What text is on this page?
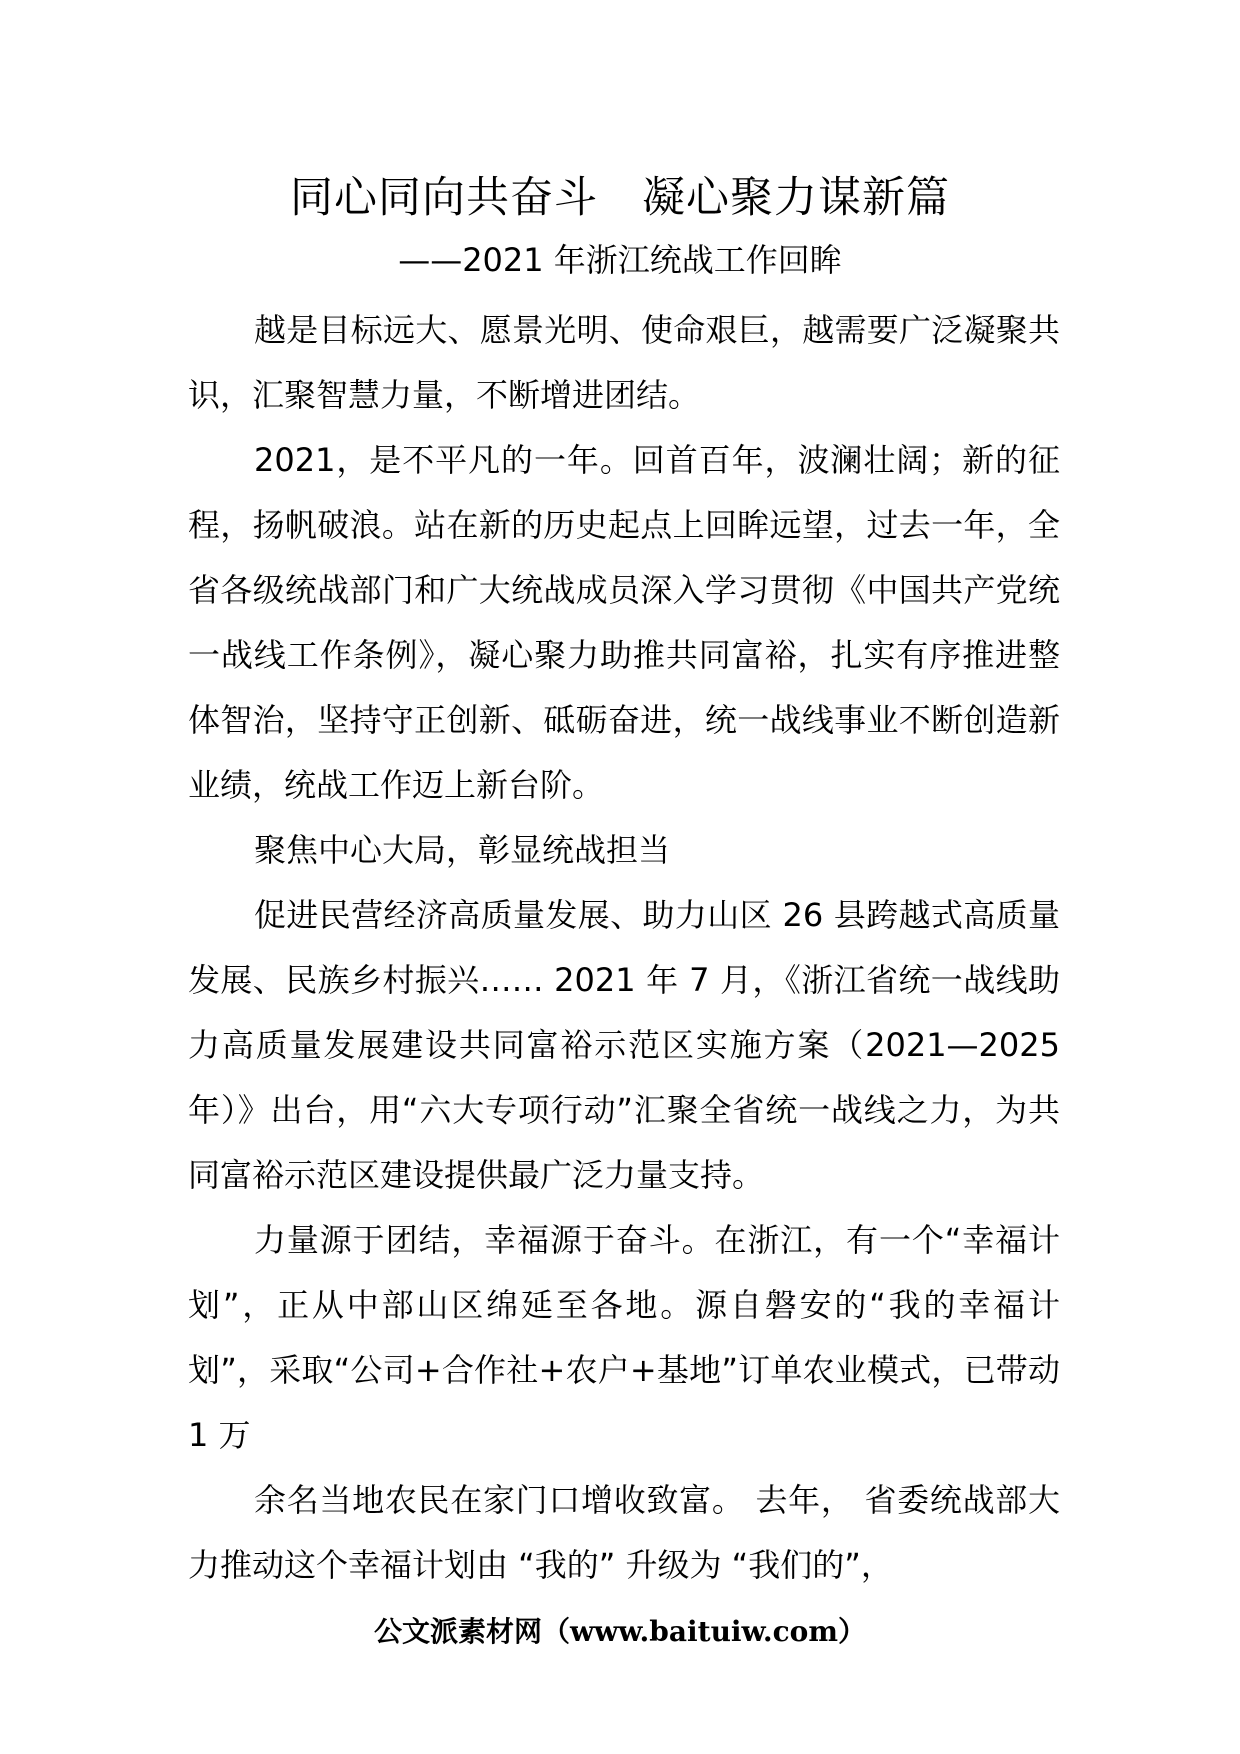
同心同向共奋斗　凝心聚力谋新篇
——2021 年浙江统战工作回眸

越是目标远大、愿景光明、使命艰巨，越需要广泛凝聚共识，汇聚智慧力量，不断增进团结。

2021，是不平凡的一年。回首百年，波澜壮阔；新的征程，扬帆破浪。站在新的历史起点上回眸远望，过去一年，全省各级统战部门和广大统战成员深入学习贯彻《中国共产党统一战线工作条例》，凝心聚力助推共同富裕，扎实有序推进整体智治，坚持守正创新、砥砺奋进，统一战线事业不断创造新业绩，统战工作迈上新台阶。

聚焦中心大局，彰显统战担当

促进民营经济高质量发展、助力山区 26 县跨越式高质量发展、民族乡村振兴…… 2021 年 7 月，《浙江省统一战线助力高质量发展建设共同富裕示范区实施方案（2021—2025 年）》出台，用“六大专项行动”汇聚全省统一战线之力，为共同富裕示范区建设提供最广泛力量支持。

力量源于团结，幸福源于奋斗。在浙江，有一个“幸福计划”，正从中部山区绵延至各地。源自磐安的“我的幸福计划”，采取“公司+合作社+农户+基地”订单农业模式，已带动 1 万

余名当地农民在家门口增收致富。 去年， 省委统战部大力推动这个幸福计划由 “我的” 升级为 “我们的”，

公文派素材网（www.baituiw.com）
